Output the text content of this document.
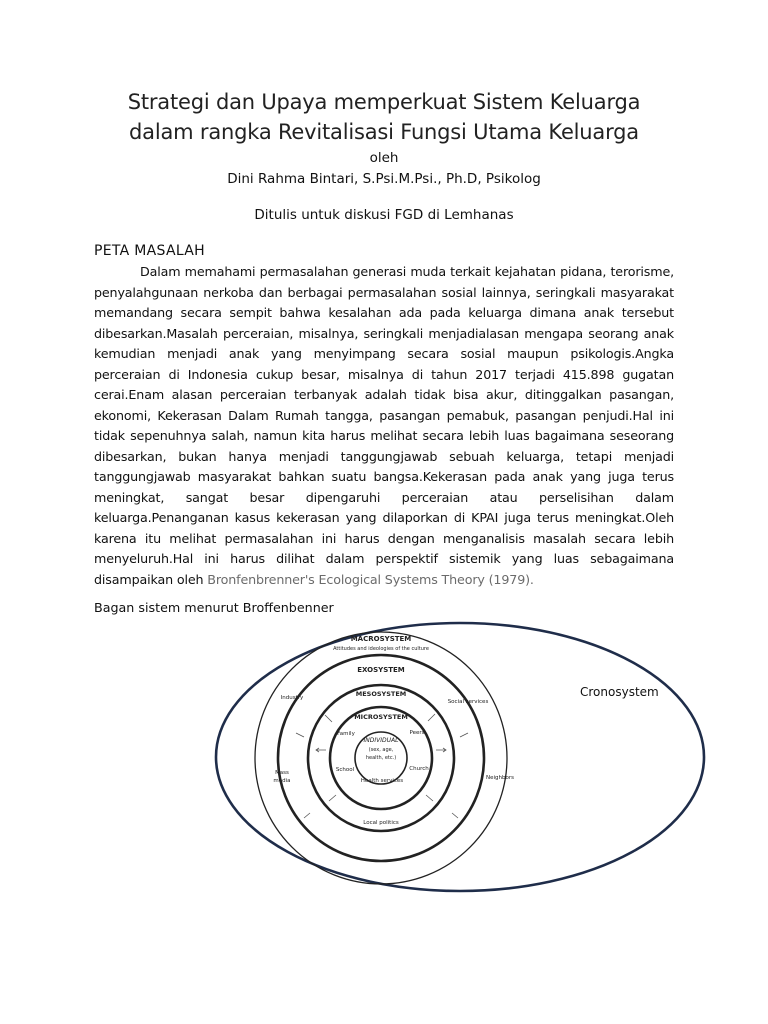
Strategi dan Upaya memperkuat Sistem Keluarga
dalam rangka Revitalisasi Fungsi Utama Keluarga
oleh
Dini Rahma Bintari, S.Psi.M.Psi., Ph.D, Psikolog
Ditulis untuk diskusi FGD di Lemhanas
PETA MASALAH

Dalam memahami permasalahan generasi muda terkait kejahatan pidana, terorisme, penyalahgunaan nerkoba dan berbagai permasalahan sosial lainnya, seringkali masyarakat memandang secara sempit bahwa kesalahan ada pada keluarga dimana anak tersebut dibesarkan.Masalah perceraian, misalnya, seringkali menjadialasan mengapa seorang anak kemudian menjadi anak yang menyimpang secara sosial maupun psikologis.Angka perceraian di Indonesia cukup besar, misalnya di tahun 2017 terjadi 415.898 gugatan cerai.Enam alasan perceraian terbanyak adalah tidak bisa akur, ditinggalkan pasangan, ekonomi, Kekerasan Dalam Rumah tangga, pasangan pemabuk, pasangan penjudi.Hal ini tidak sepenuhnya salah, namun kita harus melihat secara lebih luas bagaimana seseorang dibesarkan, bukan hanya menjadi tanggungjawab sebuah keluarga, tetapi menjadi tanggungjawab masyarakat bahkan suatu bangsa.Kekerasan pada anak yang juga terus meningkat, sangat besar dipengaruhi perceraian atau perselisihan dalam keluarga.Penanganan kasus kekerasan yang dilaporkan di KPAI juga terus meningkat.Oleh karena itu melihat permasalahan ini harus dengan menganalisis masalah secara lebih menyeluruh.Hal ini harus dilihat dalam perspektif sistemik yang luas sebagaimana disampaikan oleh Bronfenbrenner's Ecological Systems Theory (1979).

Bagan sistem menurut Broffenbenner
MACROSYSTEM
Attitudes and ideologies of the culture
EXOSYSTEM
MESOSYSTEM
MICROSYSTEM
INDIVIDUAL
(sex, age,
health, etc.)
Family	Peers
School	Church
Health services
Industry
Social services
Mass
media	Neighbors
Local politics
Cronosystem
